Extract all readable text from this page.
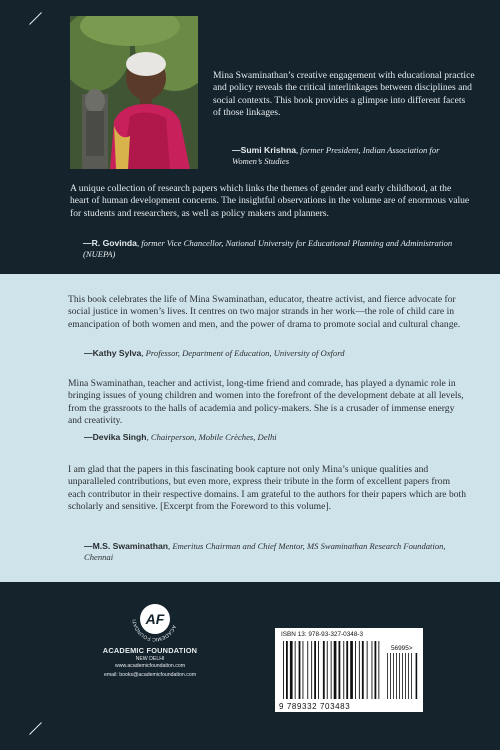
Mina Swaminathan’s creative engagement with educational practice and policy reveals the critical interlinkages between disciplines and social contexts. This book provides a glimpse into different facets of those linkages.

—Sumi Krishna, former President, Indian Association for Women’s Studies

A unique collection of research papers which links the themes of gender and early childhood, at the heart of human development concerns. The insightful observations in the volume are of enormous value for students and researchers, as well as policy makers and planners.

—R. Govinda, former Vice Chancellor, National University for Educational Planning and Administration (NUEPA)

This book celebrates the life of Mina Swaminathan, educator, theatre activist, and fierce advocate for social justice in women’s lives. It centres on two major strands in her work—the role of child care in emancipation of both women and men, and the power of drama to promote social and cultural change.

—Kathy Sylva, Professor, Department of Education, University of Oxford

Mina Swaminathan, teacher and activist, long-time friend and comrade, has played a dynamic role in bringing issues of young children and women into the forefront of the development debate at all levels, from the grassroots to the halls of academia and policy-makers. She is a crusader of immense energy and creativity.

—Devika Singh, Chairperson, Mobile Crèches, Delhi

I am glad that the papers in this fascinating book capture not only Mina’s unique qualities and unparalleled contributions, but even more, express their tribute in the form of excellent papers from each contributor in their respective domains. I am grateful to the authors for their papers which are both scholarly and sensitive. [Excerpt from the Foreword to this volume].

—M.S. Swaminathan, Emeritus Chairman and Chief Mentor, MS Swaminathan Research Foundation, Chennai

ACADEMIC FOUNDATI AF
ACADEMIC FOUNDATION
NEW DELHI
www.academicfoundation.com
email: books@academicfoundation.com
ISBN 13: 978-93-327-0348-3
56995>
9 789332 703483
